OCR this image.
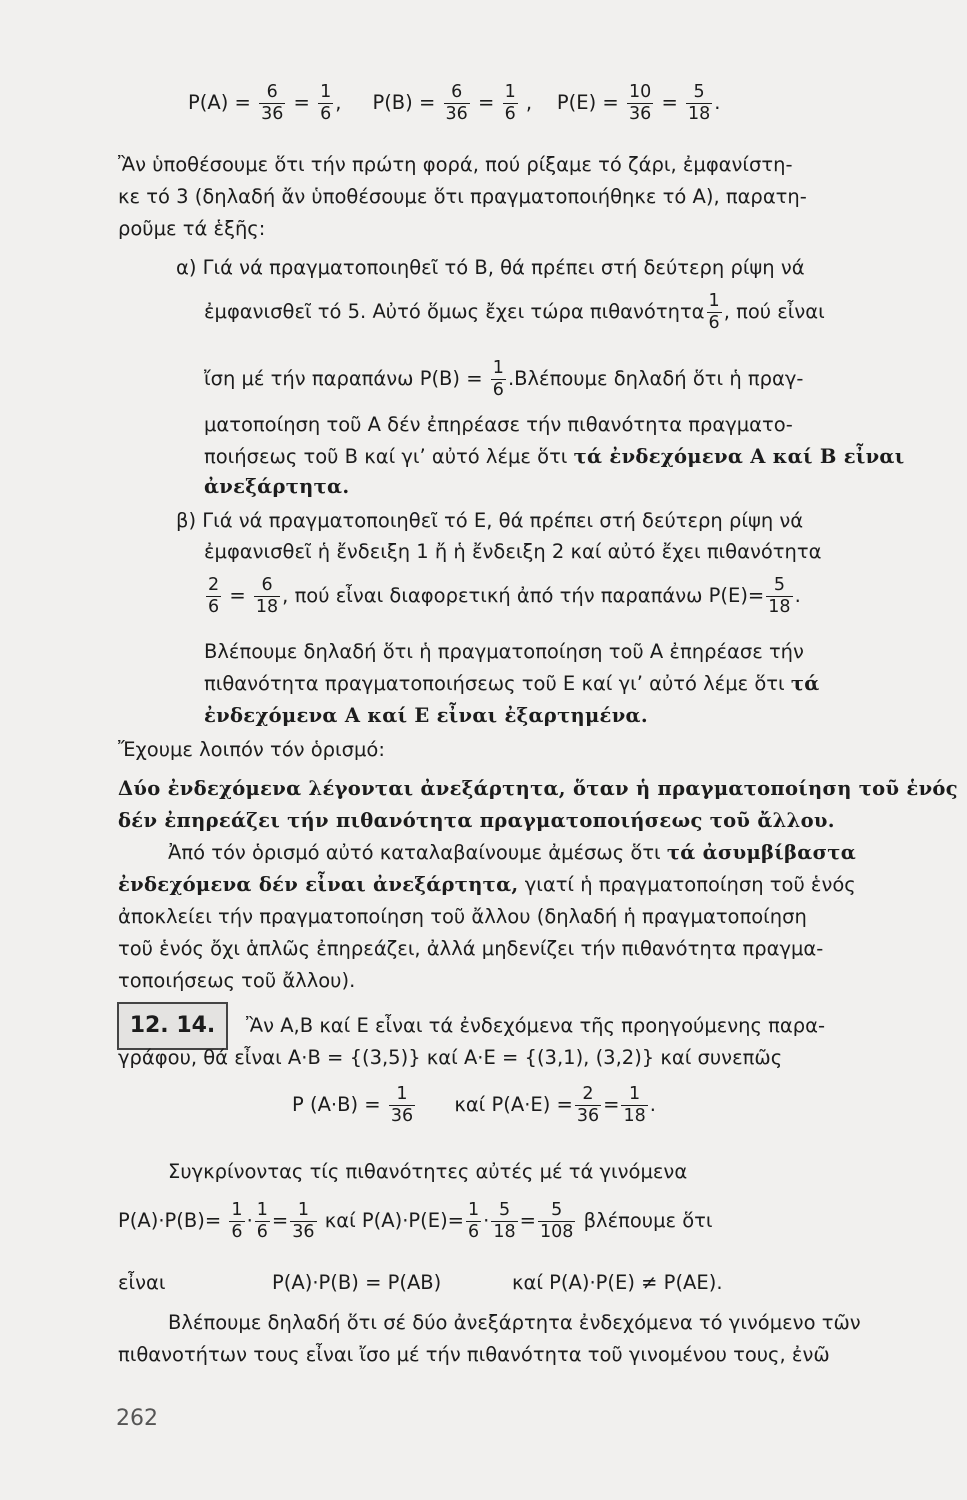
$P(A) = \frac{6}{36} = \frac{1}{6}$ , $P(B) = \frac{6}{36} = \frac{1}{6}$ , $P(E) = \frac{10}{36} = \frac{5}{18}$ .
Ἂν ὑποθέσουμε ὅτι τήν πρώτη φορά, πού ρίξαμε τό ζάρι, ἐμφανίστη-
κε τό 3 (δηλαδή ἄν ὑποθέσουμε ὅτι πραγματοποιήθηκε τό A), παρατη-
ροῦμε τά ἑξῆς:
α) Γιά νά πραγματοποιηθεῖ τό B, θά πρέπει στή δεύτερη ρίψη νά
ἐμφανισθεῖ τό 5. Αὐτό ὅμως ἔχει τώρα πιθανότητα $\frac{1}{6}$ , πού εἶναι
ἴση μέ τήν παραπάνω $P(B) = \frac{1}{6} .B\lambda έ\pi o\upsilon\mu\varepsilon$ δηλαδή ὅτι ἡ πραγ-
ματοποίηση τοῦ A δέν ἐπηρέασε τήν πιθανότητα πραγματο-
ποιήσεως τοῦ B καί γι’ αὐτό λέμε ὅτι τά ἐνδεχόμενα A καί B εἶναι
ἀνεξάρτητα.
β) Γιά νά πραγματοποιηθεῖ τό E, θά πρέπει στή δεύτερη ρίψη νά
ἐμφανισθεῖ ἡ ἔνδειξη 1 ἤ ἡ ἔνδειξη 2 καί αὐτό ἔχει πιθανότητα
$\frac{2}{6} = \frac{6}{18}$ , πού εἶναι διαφορετική ἀπό τήν παραπάνω $P(E)= \frac{5}{18}$ .
Βλέπουμε δηλαδή ὅτι ἡ πραγματοποίηση τοῦ A ἐπηρέασε τήν
πιθανότητα πραγματοποιήσεως τοῦ E καί γι’ αὐτό λέμε ὅτι τά
ἐνδεχόμενα A καί E εἶναι ἐξαρτημένα.
Ἔχουμε λοιπόν τόν ὁρισμό:
Δύο ἐνδεχόμενα λέγονται ἀνεξάρτητα, ὅταν ἡ πραγματοποίηση τοῦ ἑνός
δέν ἐπηρεάζει τήν πιθανότητα πραγματοποιήσεως τοῦ ἄλλου.
Ἀπό τόν ὁρισμό αὐτό καταλαβαίνουμε ἀμέσως ὅτι τά ἀσυμβίβαστα
ἐνδεχόμενα δέν εἶναι ἀνεξάρτητα, γιατί ἡ πραγματοποίηση τοῦ ἑνός
ἀποκλείει τήν πραγματοποίηση τοῦ ἄλλου (δηλαδή ἡ πραγματοποίηση
τοῦ ἑνός ὄχι ἁπλῶς ἐπηρεάζει, ἀλλά μηδενίζει τήν πιθανότητα πραγμα-
τοποιήσεως τοῦ ἄλλου).
12. 14.	Ἂν A,B καί E εἶναι τά ἐνδεχόμενα τῆς προηγούμενης παρα-
γράφου, θά εἶναι A·B = {(3,5)} καί A·E = {(3,1), (3,2)} καί συνεπῶς
P $(A\cdot B) = \frac{1}{36}$ καί $P(A\cdot E) = \frac{2}{36} = \frac{1}{18}$ .
Συγκρίνοντας τίς πιθανότητες αὐτές μέ τά γινόμενα
$P(A)\cdot P(B)= \frac{1}{6} \cdot \frac{1}{6} = \frac{1}{36}$ καί $P(A)\cdot P(E)= \frac{1}{6} \cdot \frac{5}{18} = \frac{5}{108}$ βλέπουμε ὅτι
εἶναι	P(A)·P(B) = P(AB)	καί P(A)·P(E) ≠ P(AE).
Βλέπουμε δηλαδή ὅτι σέ δύο ἀνεξάρτητα ἐνδεχόμενα τό γινόμενο τῶν
πιθανοτήτων τους εἶναι ἴσο μέ τήν πιθανότητα τοῦ γινομένου τους, ἐνῶ
262
